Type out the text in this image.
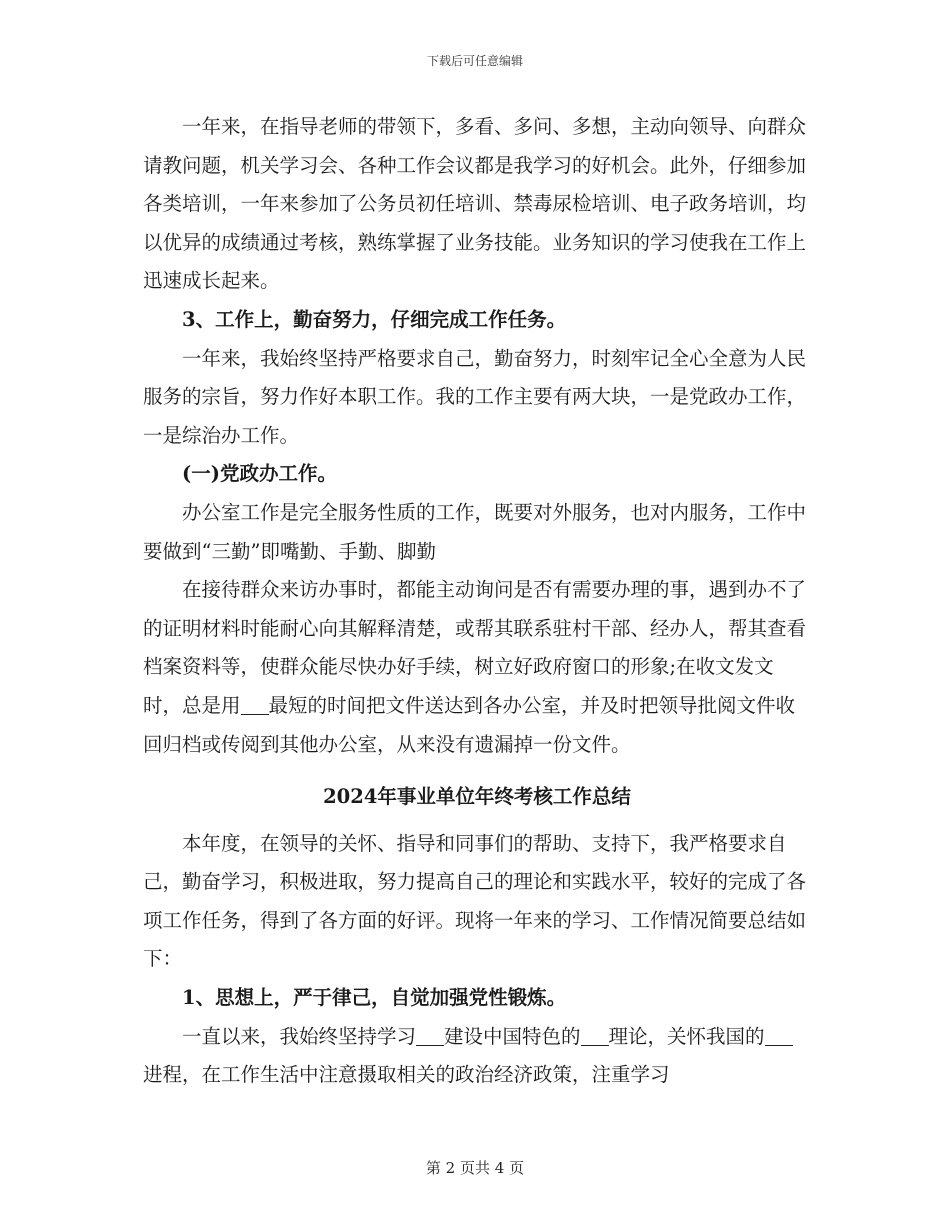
下载后可任意编辑

一年来，在指导老师的带领下，多看、多问、多想，主动向领导、向群众请教问题，机关学习会、各种工作会议都是我学习的好机会。此外，仔细参加各类培训，一年来参加了公务员初任培训、禁毒尿检培训、电子政务培训，均以优异的成绩通过考核，熟练掌握了业务技能。业务知识的学习使我在工作上迅速成长起来。

3、工作上，勤奋努力，仔细完成工作任务。

一年来，我始终坚持严格要求自己，勤奋努力，时刻牢记全心全意为人民服务的宗旨，努力作好本职工作。我的工作主要有两大块，一是党政办工作，一是综治办工作。

(一)党政办工作。

办公室工作是完全服务性质的工作，既要对外服务，也对内服务，工作中要做到“三勤”即嘴勤、手勤、脚勤

在接待群众来访办事时，都能主动询问是否有需要办理的事，遇到办不了的证明材料时能耐心向其解释清楚，或帮其联系驻村干部、经办人，帮其查看档案资料等，使群众能尽快办好手续，树立好政府窗口的形象;在收文发文时，总是用 最短的时间把文件送达到各办公室，并及时把领导批阅文件收回归档或传阅到其他办公室，从来没有遗漏掉一份文件。

2024年事业单位年终考核工作总结

本年度，在领导的关怀、指导和同事们的帮助、支持下，我严格要求自己，勤奋学习，积极进取，努力提高自己的理论和实践水平，较好的完成了各项工作任务，得到了各方面的好评。现将一年来的学习、工作情况简要总结如下：

1、思想上，严于律己，自觉加强党性锻炼。

一直以来，我始终坚持学习 建设中国特色的 理论，关怀我国的进程，在工作生活中注意摄取相关的政治经济政策，注重学习

第 2 页共 4 页
